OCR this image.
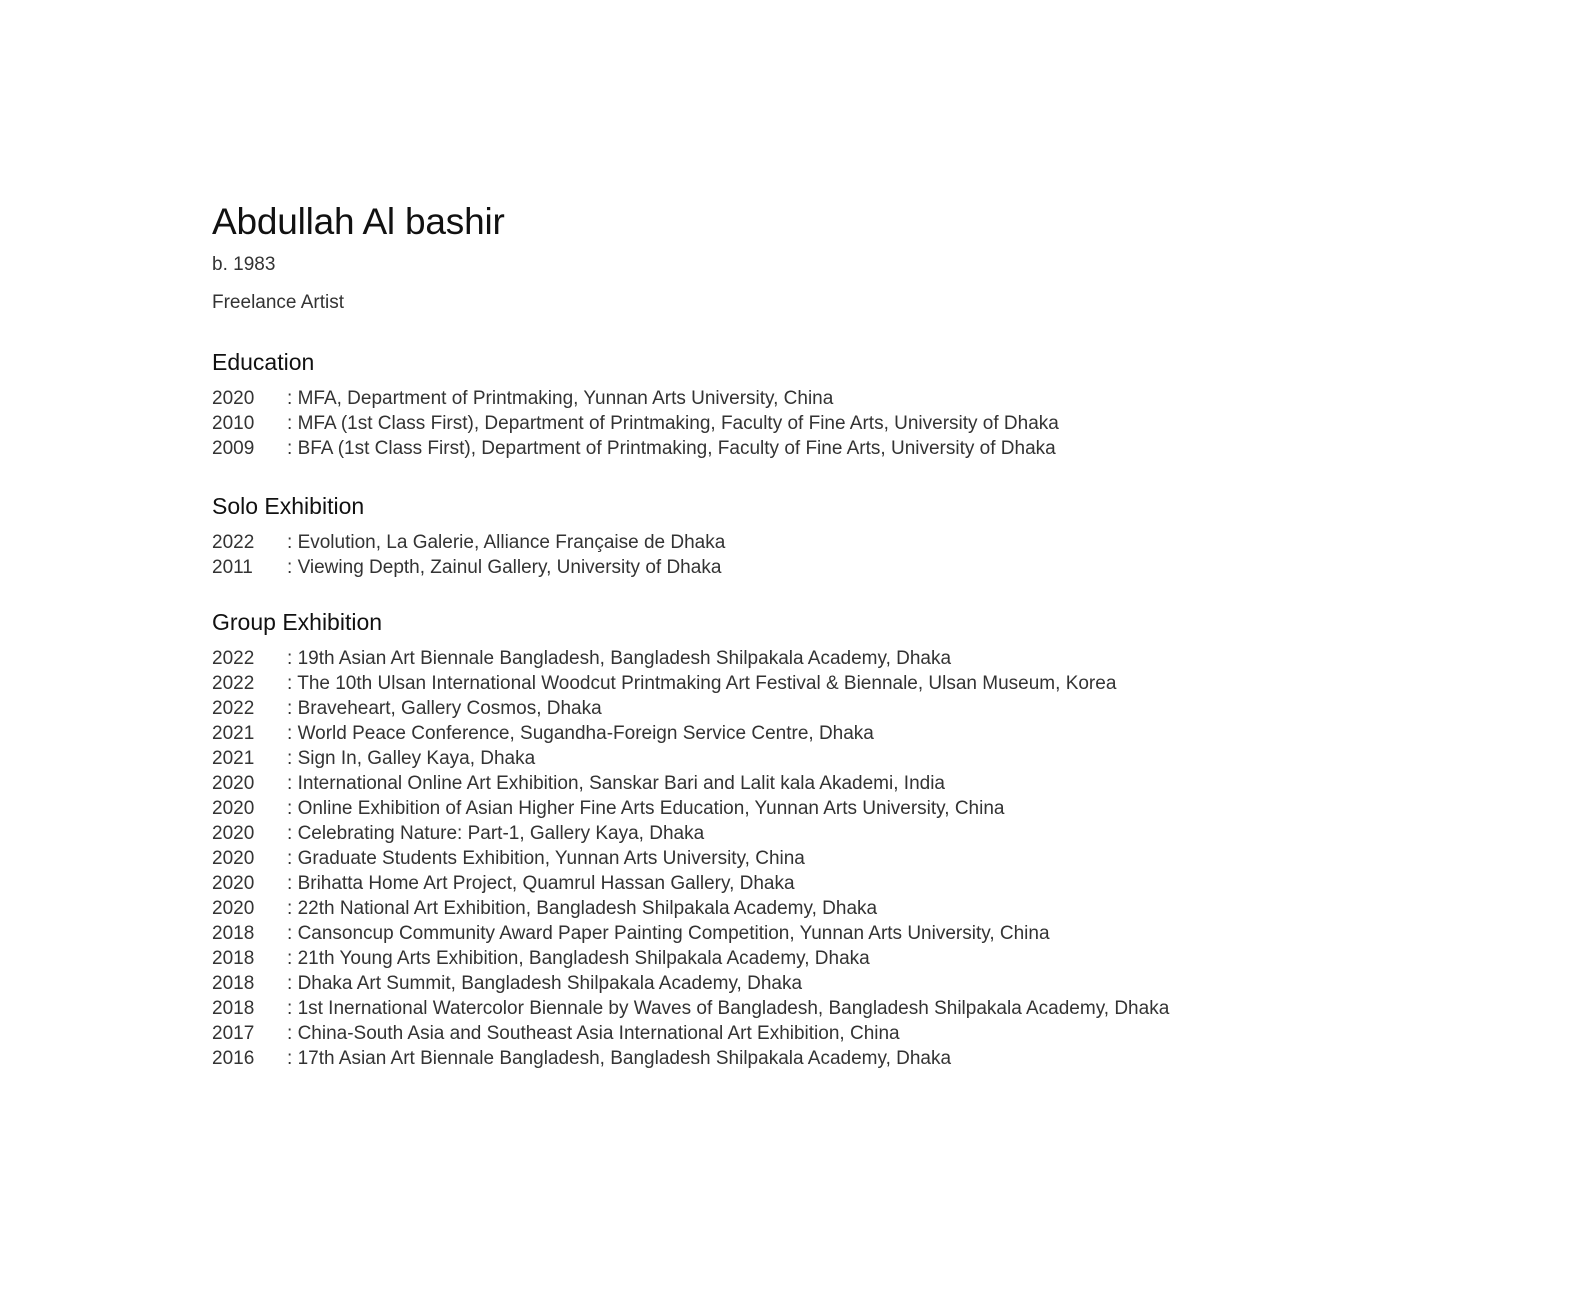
Abdullah Al bashir
b. 1983
Freelance Artist
Education
2020	: MFA, Department of Printmaking, Yunnan Arts University, China
2010	: MFA (1st Class First), Department of Printmaking, Faculty of Fine Arts, University of Dhaka
2009	: BFA (1st Class First), Department of Printmaking, Faculty of Fine Arts, University of Dhaka
Solo Exhibition
2022	: Evolution, La Galerie, Alliance Française de Dhaka
2011	: Viewing Depth, Zainul Gallery, University of Dhaka
Group Exhibition
2022	: 19th Asian Art Biennale Bangladesh, Bangladesh Shilpakala Academy, Dhaka
2022	: The 10th Ulsan International Woodcut Printmaking Art Festival & Biennale, Ulsan Museum, Korea
2022	: Braveheart, Gallery Cosmos, Dhaka
2021	: World Peace Conference, Sugandha-Foreign Service Centre, Dhaka
2021	: Sign In, Galley Kaya, Dhaka
2020	: International Online Art Exhibition, Sanskar Bari and Lalit kala Akademi, India
2020	: Online Exhibition of Asian Higher Fine Arts Education, Yunnan Arts University, China
2020	: Celebrating Nature: Part-1, Gallery Kaya, Dhaka
2020	: Graduate Students Exhibition, Yunnan Arts University, China
2020	: Brihatta Home Art Project, Quamrul Hassan Gallery, Dhaka
2020	: 22th National Art Exhibition, Bangladesh Shilpakala Academy, Dhaka
2018	: Cansoncup Community Award Paper Painting Competition, Yunnan Arts University, China
2018	: 21th Young Arts Exhibition, Bangladesh Shilpakala Academy, Dhaka
2018	: Dhaka Art Summit, Bangladesh Shilpakala Academy, Dhaka
2018	: 1st Inernational Watercolor Biennale by Waves of Bangladesh, Bangladesh Shilpakala Academy, Dhaka
2017	: China-South Asia and Southeast Asia International Art Exhibition, China
2016	: 17th Asian Art Biennale Bangladesh, Bangladesh Shilpakala Academy, Dhaka
